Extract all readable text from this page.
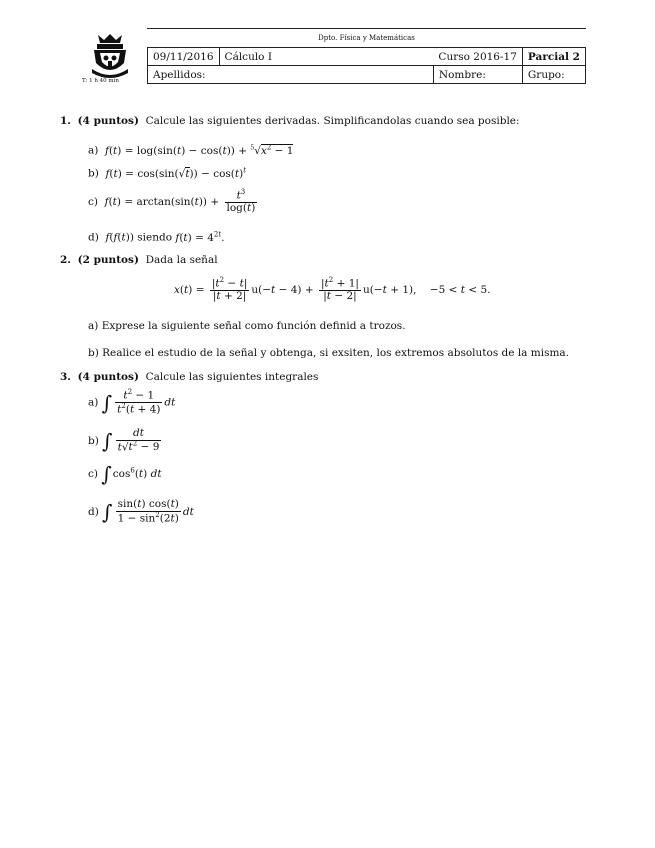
T: 1 h 40 min
Dpto. Física y Matemáticas
09/11/2016	Cálculo I	Curso 2016-17	Parcial 2
Apellidos:		Nombre:	Grupo:
1. (4 puntos) Calcule las siguientes derivadas. Simplificandolas cuando sea posible:
a) $f(t) = \log(\sin(t) - \cos(t)) + ^5√x^2 - 1$
b) $f(t) = \cos(\sin(√t)) - \cos(t)^t$
c) $f(t) = \arctan(\sin(t)) + \frac{t^3}{\log(t)}$
d) f(f(t)) siendo $f(t) = 4^{2t}$.
2. (2 puntos) Dada la señal
$x(t) = \frac{|t^2 - t|}{|t + 2|} u(-t - 4) + \frac{|t^2 + 1|}{|t - 2|} u(-t + 1)$,    −5 < t < 5.
a) Exprese la siguiente señal como función definid a trozos.
b) Realice el estudio de la señal y obtenga, si exsiten, los extremos absolutos de la misma.
3. (4 puntos) Calcule las siguientes integrales
a) ∫ $\frac{t^2 - 1}{t^2(t + 4)}$ dt
b) ∫ $\frac{dt}{t√t^2 - 9}$
c) $\int\cos^6(t)$ dt
d) ∫ $\frac{\sin(t) \cos(t)}{1 - \sin^2(2t)}$ dt
